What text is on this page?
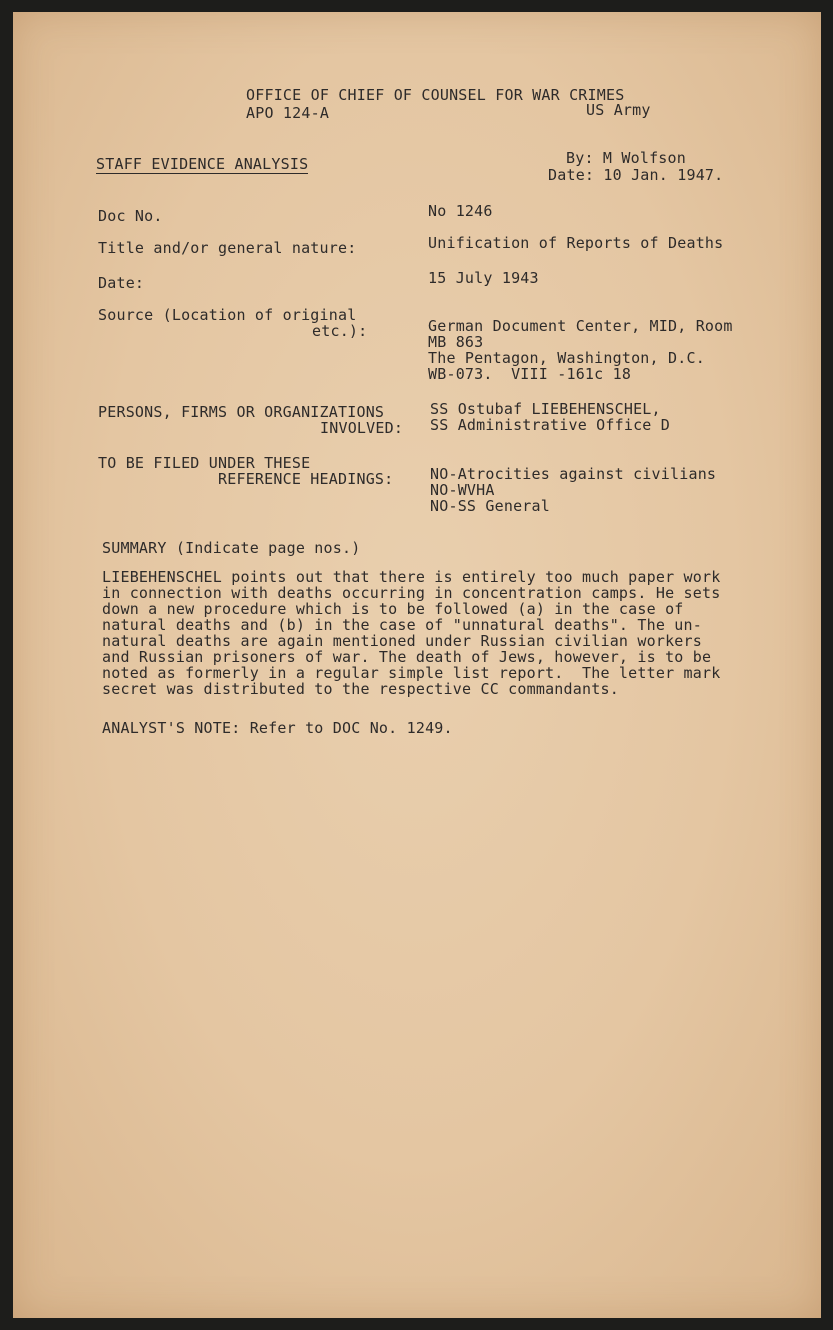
OFFICE OF CHIEF OF COUNSEL FOR WAR CRIMES
APO 124-A	US Army
STAFF EVIDENCE ANALYSIS	By: M Wolfson
Date: 10 Jan. 1947.
Doc No.	No 1246
Title and/or general nature:	Unification of Reports of Deaths
Date:	15 July 1943
Source (Location of original
etc.):	German Document Center, MID, Room
MB 863
The Pentagon, Washington, D.C.
WB-073.  VIII -161c 18
PERSONS, FIRMS OR ORGANIZATIONS
INVOLVED:
SS Ostubaf LIEBEHENSCHEL,
SS Administrative Office D
TO BE FILED UNDER THESE
REFERENCE HEADINGS: NO-Atrocities against civilians
NO-WVHA
NO-SS General
SUMMARY (Indicate page nos.)
LIEBEHENSCHEL points out that there is entirely too much paper work
in connection with deaths occurring in concentration camps. He sets
down a new procedure which is to be followed (a) in the case of
natural deaths and (b) in the case of "unnatural deaths". The un-
natural deaths are again mentioned under Russian civilian workers
and Russian prisoners of war. The death of Jews, however, is to be
noted as formerly in a regular simple list report.  The letter mark
secret was distributed to the respective CC commandants.
ANALYST'S NOTE: Refer to DOC No. 1249.
